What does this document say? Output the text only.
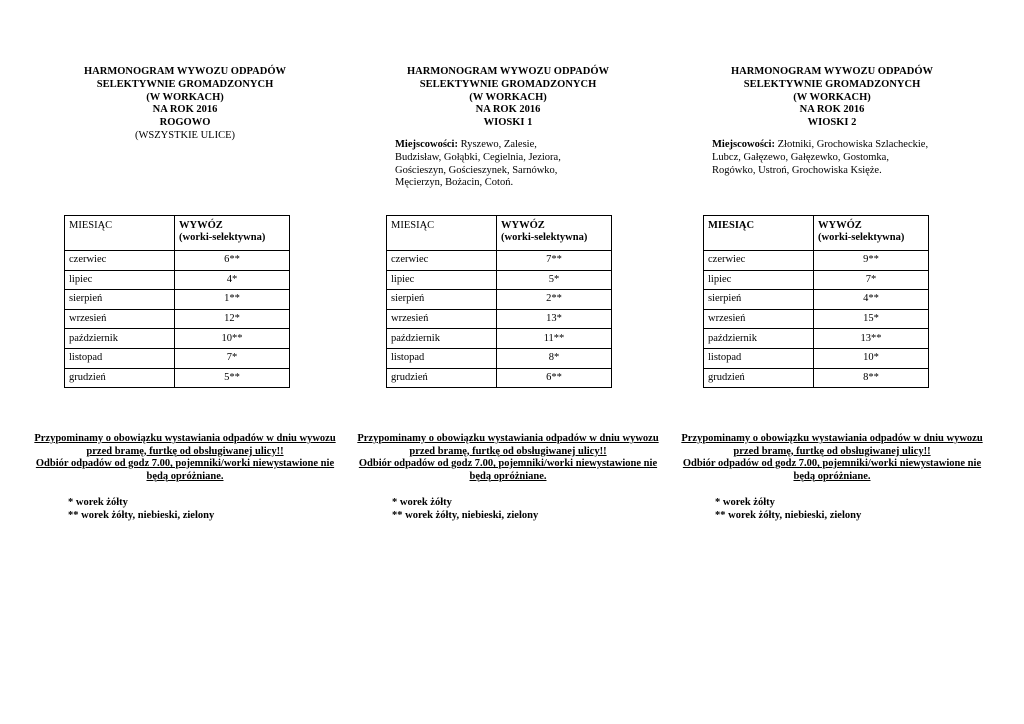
HARMONOGRAM WYWOZU ODPADÓW
SELEKTYWNIE GROMADZONYCH
(W WORKACH)
NA ROK 2016
ROGOWO
(WSZYSTKIE ULICE)
MIESIĄC	WYWÓZ
(worki-selektywna)
czerwiec	6**
lipiec	4*
sierpień	1**
wrzesień	12*
październik	10**
listopad	7*
grudzień	5**
Przypominamy o obowiązku wystawiania odpadów w dniu wywozu
przed bramę, furtkę od obsługiwanej ulicy!!
Odbiór odpadów od godz 7.00, pojemniki/worki niewystawione nie
będą opróżniane.
* worek żółty
** worek żółty, niebieski, zielony
HARMONOGRAM WYWOZU ODPADÓW
SELEKTYWNIE GROMADZONYCH
(W WORKACH)
NA ROK 2016
WIOSKI 1
Miejscowości: Ryszewo, Zalesie,
Budzisław, Gołąbki, Cegielnia, Jeziora,
Gościeszyn, Gościeszynek, Sarnówko,
Męcierzyn, Bożacin, Cotoń.
MIESIĄC	WYWÓZ
(worki-selektywna)
czerwiec	7**
lipiec	5*
sierpień	2**
wrzesień	13*
październik	11**
listopad	8*
grudzień	6**
Przypominamy o obowiązku wystawiania odpadów w dniu wywozu
przed bramę, furtkę od obsługiwanej ulicy!!
Odbiór odpadów od godz 7.00, pojemniki/worki niewystawione nie
będą opróżniane.
* worek żółty
** worek żółty, niebieski, zielony
HARMONOGRAM WYWOZU ODPADÓW
SELEKTYWNIE GROMADZONYCH
(W WORKACH)
NA ROK 2016
WIOSKI 2
Miejscowości: Złotniki, Grochowiska Szlacheckie,
Lubcz, Gałęzewo, Gałęzewko, Gostomka,
Rogówko, Ustroń, Grochowiska Księże.
MIESIĄC	WYWÓZ
(worki-selektywna)
czerwiec	9**
lipiec	7*
sierpień	4**
wrzesień	15*
październik	13**
listopad	10*
grudzień	8**
Przypominamy o obowiązku wystawiania odpadów w dniu wywozu
przed bramę, furtkę od obsługiwanej ulicy!!
Odbiór odpadów od godz 7.00, pojemniki/worki niewystawione nie
będą opróżniane.
* worek żółty
** worek żółty, niebieski, zielony
